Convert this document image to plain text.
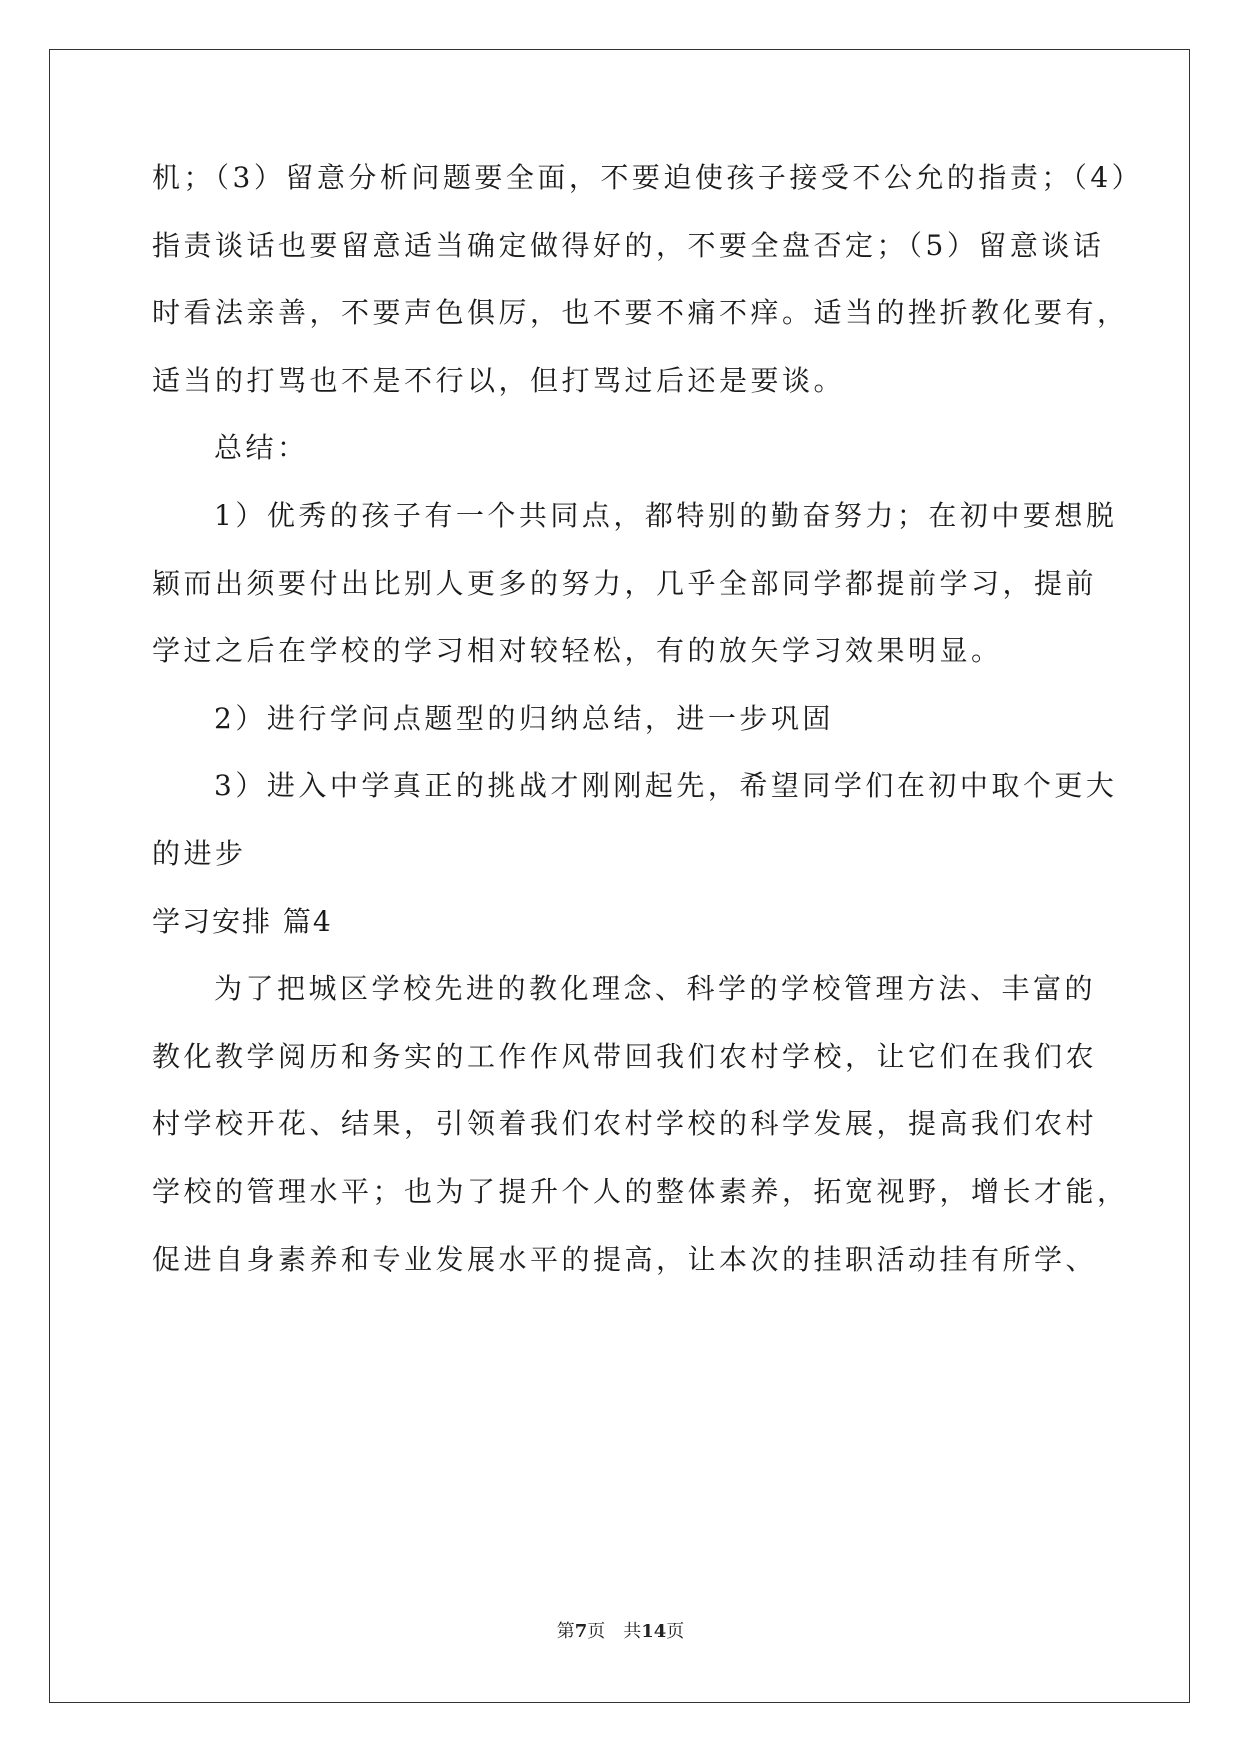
机；（3）留意分析问题要全面，不要迫使孩子接受不公允的指责；（4）
指责谈话也要留意适当确定做得好的，不要全盘否定；（5）留意谈话
时看法亲善，不要声色俱厉，也不要不痛不痒。适当的挫折教化要有，
适当的打骂也不是不行以，但打骂过后还是要谈。
总结：
1）优秀的孩子有一个共同点，都特别的勤奋努力；在初中要想脱
颖而出须要付出比别人更多的努力，几乎全部同学都提前学习，提前
学过之后在学校的学习相对较轻松，有的放矢学习效果明显。
2）进行学问点题型的归纳总结，进一步巩固
3）进入中学真正的挑战才刚刚起先，希望同学们在初中取个更大
的进步
学习安排 篇4
为了把城区学校先进的教化理念、科学的学校管理方法、丰富的
教化教学阅历和务实的工作作风带回我们农村学校，让它们在我们农
村学校开花、结果，引领着我们农村学校的科学发展，提高我们农村
学校的管理水平；也为了提升个人的整体素养，拓宽视野，增长才能，
促进自身素养和专业发展水平的提高，让本次的挂职活动挂有所学、
第7页　共14页
